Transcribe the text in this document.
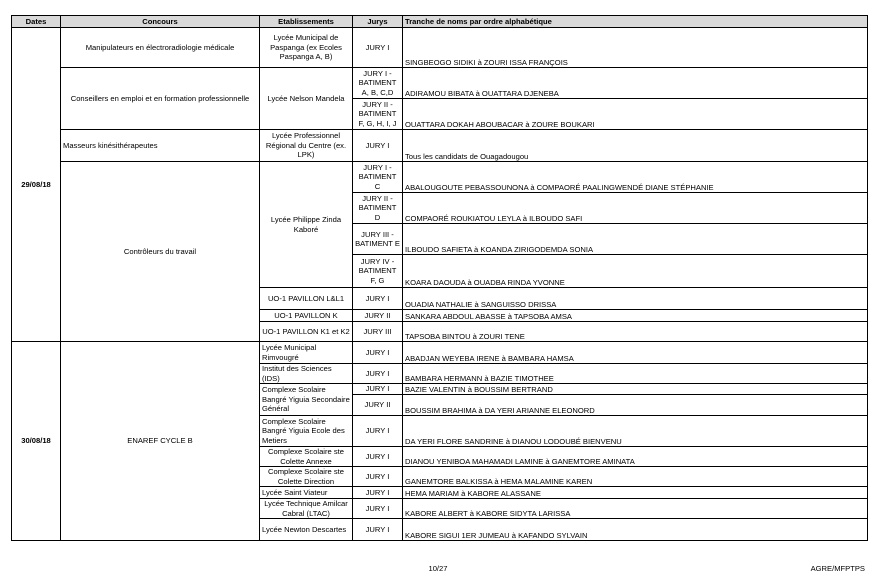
Dates	Concours	Etablissements	Jurys	Tranche de noms par ordre alphabétique
29/08/18	Manipulateurs en électroradiologie médicale	Lycée Municipal de Paspanga (ex Ecoles Paspanga A, B)	JURY I	SINGBEOGO SIDIKI à ZOURI ISSA FRANÇOIS
	Conseillers en emploi et en formation professionnelle	Lycée Nelson Mandela	JURY I - BATIMENT A, B, C,D	ADIRAMOU BIBATA à OUATTARA DJENEBA
			JURY II - BATIMENT F, G, H, I, J	OUATTARA DOKAH ABOUBACAR à ZOURE BOUKARI
	Masseurs kinésithérapeutes	Lycée Professionnel Régional du Centre (ex. LPK)	JURY I	Tous les candidats de Ouagadougou
	Contrôleurs du travail	Lycée Philippe Zinda Kaboré	JURY I - BATIMENT C	ABALOUGOUTE PEBASSOUNONA à COMPAORÉ PAALINGWENDÉ DIANE STÉPHANIE
			JURY II - BATIMENT D	COMPAORÉ ROUKIATOU LEYLA à ILBOUDO SAFI
			JURY III - BATIMENT E	ILBOUDO SAFIETA à KOANDA ZIRIGODEMDA SONIA
			JURY IV - BATIMENT F, G	KOARA DAOUDA à OUADBA RINDA YVONNE
		UO-1 PAVILLON L&L1	JURY I	OUADIA NATHALIE à SANGUISSO DRISSA
		UO-1 PAVILLON K	JURY II	SANKARA ABDOUL ABASSE à TAPSOBA AMSA
		UO-1 PAVILLON K1 et K2	JURY III	TAPSOBA BINTOU à ZOURI TENE
30/08/18	ENAREF CYCLE B	Lycée Municipal Rimvougré	JURY I	ABADJAN WEYEBA IRENE à BAMBARA HAMSA
		Institut des Sciences (IDS)	JURY I	BAMBARA HERMANN à BAZIE TIMOTHEE
		Complexe Scolaire Bangré Yiguia Secondaire Général	JURY I	BAZIE VALENTIN à BOUSSIM BERTRAND
			JURY II	BOUSSIM BRAHIMA à DA YERI ARIANNE ELEONORD
		Complexe Scolaire Bangré Yiguia Ecole des Metiers	JURY I	DA YERI FLORE SANDRINE à DIANOU LODOUBÉ BIENVENU
		Complexe Scolaire ste Colette Annexe	JURY I	DIANOU YENIBOA MAHAMADI LAMINE à GANEMTORE AMINATA
		Complexe Scolaire ste Colette Direction	JURY I	GANEMTORE BALKISSA à HEMA MALAMINE KAREN
		Lycée Saint Viateur	JURY I	HEMA MARIAM à KABORE ALASSANE
		Lycée Technique Amilcar Cabral (LTAC)	JURY I	KABORE ALBERT à KABORE SIDYTA LARISSA
		Lycée Newton Descartes	JURY I	KABORE SIGUI 1ER JUMEAU à KAFANDO SYLVAIN
10/27	AGRE/MFPTPS
